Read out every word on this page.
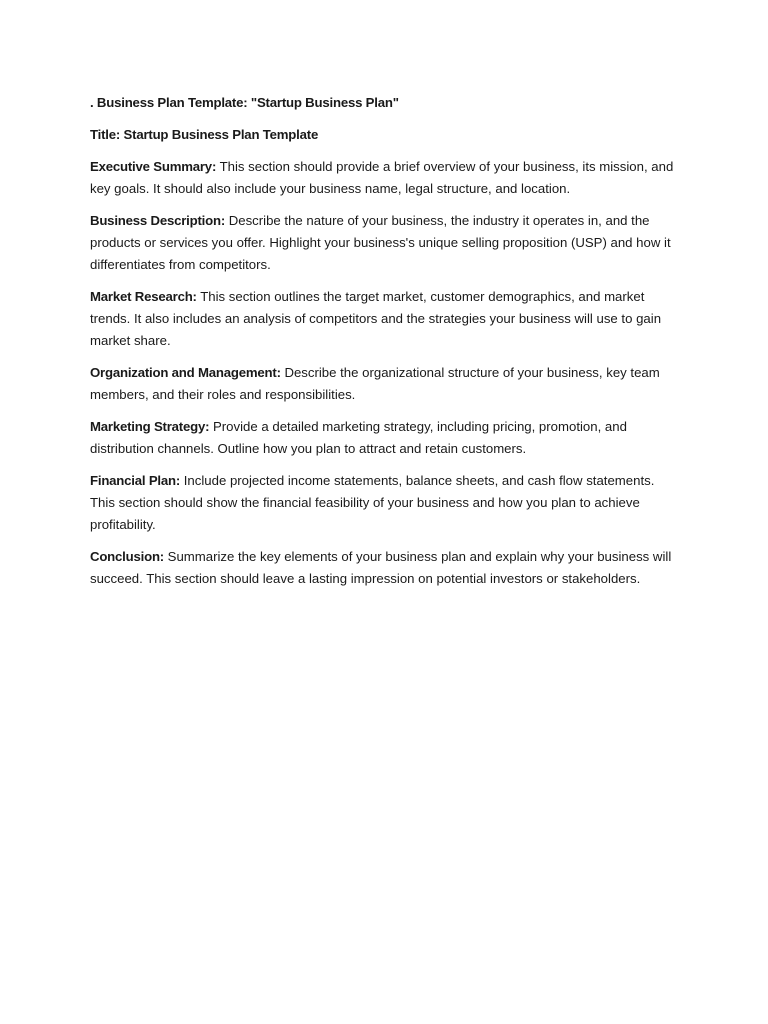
. Business Plan Template: "Startup Business Plan"

Title: Startup Business Plan Template

Executive Summary: This section should provide a brief overview of your business, its mission, and key goals. It should also include your business name, legal structure, and location.

Business Description: Describe the nature of your business, the industry it operates in, and the products or services you offer. Highlight your business's unique selling proposition (USP) and how it differentiates from competitors.

Market Research: This section outlines the target market, customer demographics, and market trends. It also includes an analysis of competitors and the strategies your business will use to gain market share.

Organization and Management: Describe the organizational structure of your business, key team members, and their roles and responsibilities.

Marketing Strategy: Provide a detailed marketing strategy, including pricing, promotion, and distribution channels. Outline how you plan to attract and retain customers.

Financial Plan: Include projected income statements, balance sheets, and cash flow statements. This section should show the financial feasibility of your business and how you plan to achieve profitability.

Conclusion: Summarize the key elements of your business plan and explain why your business will succeed. This section should leave a lasting impression on potential investors or stakeholders.
